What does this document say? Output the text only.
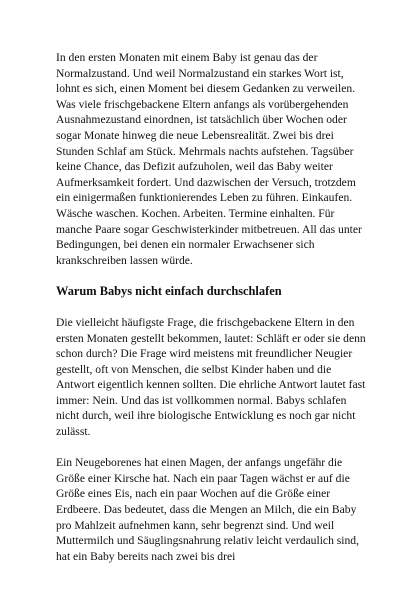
In den ersten Monaten mit einem Baby ist genau das der Normalzustand. Und weil Normalzustand ein starkes Wort ist, lohnt es sich, einen Moment bei diesem Gedanken zu verweilen. Was viele frischgebackene Eltern anfangs als vorübergehenden Ausnahmezustand einordnen, ist tatsächlich über Wochen oder sogar Monate hinweg die neue Lebensrealität. Zwei bis drei Stunden Schlaf am Stück. Mehrmals nachts aufstehen. Tagsüber keine Chance, das Defizit aufzuholen, weil das Baby weiter Aufmerksamkeit fordert. Und dazwischen der Versuch, trotzdem ein einigermaßen funktionierendes Leben zu führen. Einkaufen. Wäsche waschen. Kochen. Arbeiten. Termine einhalten. Für manche Paare sogar Geschwisterkinder mitbetreuen. All das unter Bedingungen, bei denen ein normaler Erwachsener sich krankschreiben lassen würde.

Warum Babys nicht einfach durchschlafen

Die vielleicht häufigste Frage, die frischgebackene Eltern in den ersten Monaten gestellt bekommen, lautet: Schläft er oder sie denn schon durch? Die Frage wird meistens mit freundlicher Neugier gestellt, oft von Menschen, die selbst Kinder haben und die Antwort eigentlich kennen sollten. Die ehrliche Antwort lautet fast immer: Nein. Und das ist vollkommen normal. Babys schlafen nicht durch, weil ihre biologische Entwicklung es noch gar nicht zulässt.

Ein Neugeborenes hat einen Magen, der anfangs ungefähr die Größe einer Kirsche hat. Nach ein paar Tagen wächst er auf die Größe eines Eis, nach ein paar Wochen auf die Größe einer Erdbeere. Das bedeutet, dass die Mengen an Milch, die ein Baby pro Mahlzeit aufnehmen kann, sehr begrenzt sind. Und weil Muttermilch und Säuglingsnahrung relativ leicht verdaulich sind, hat ein Baby bereits nach zwei bis drei
